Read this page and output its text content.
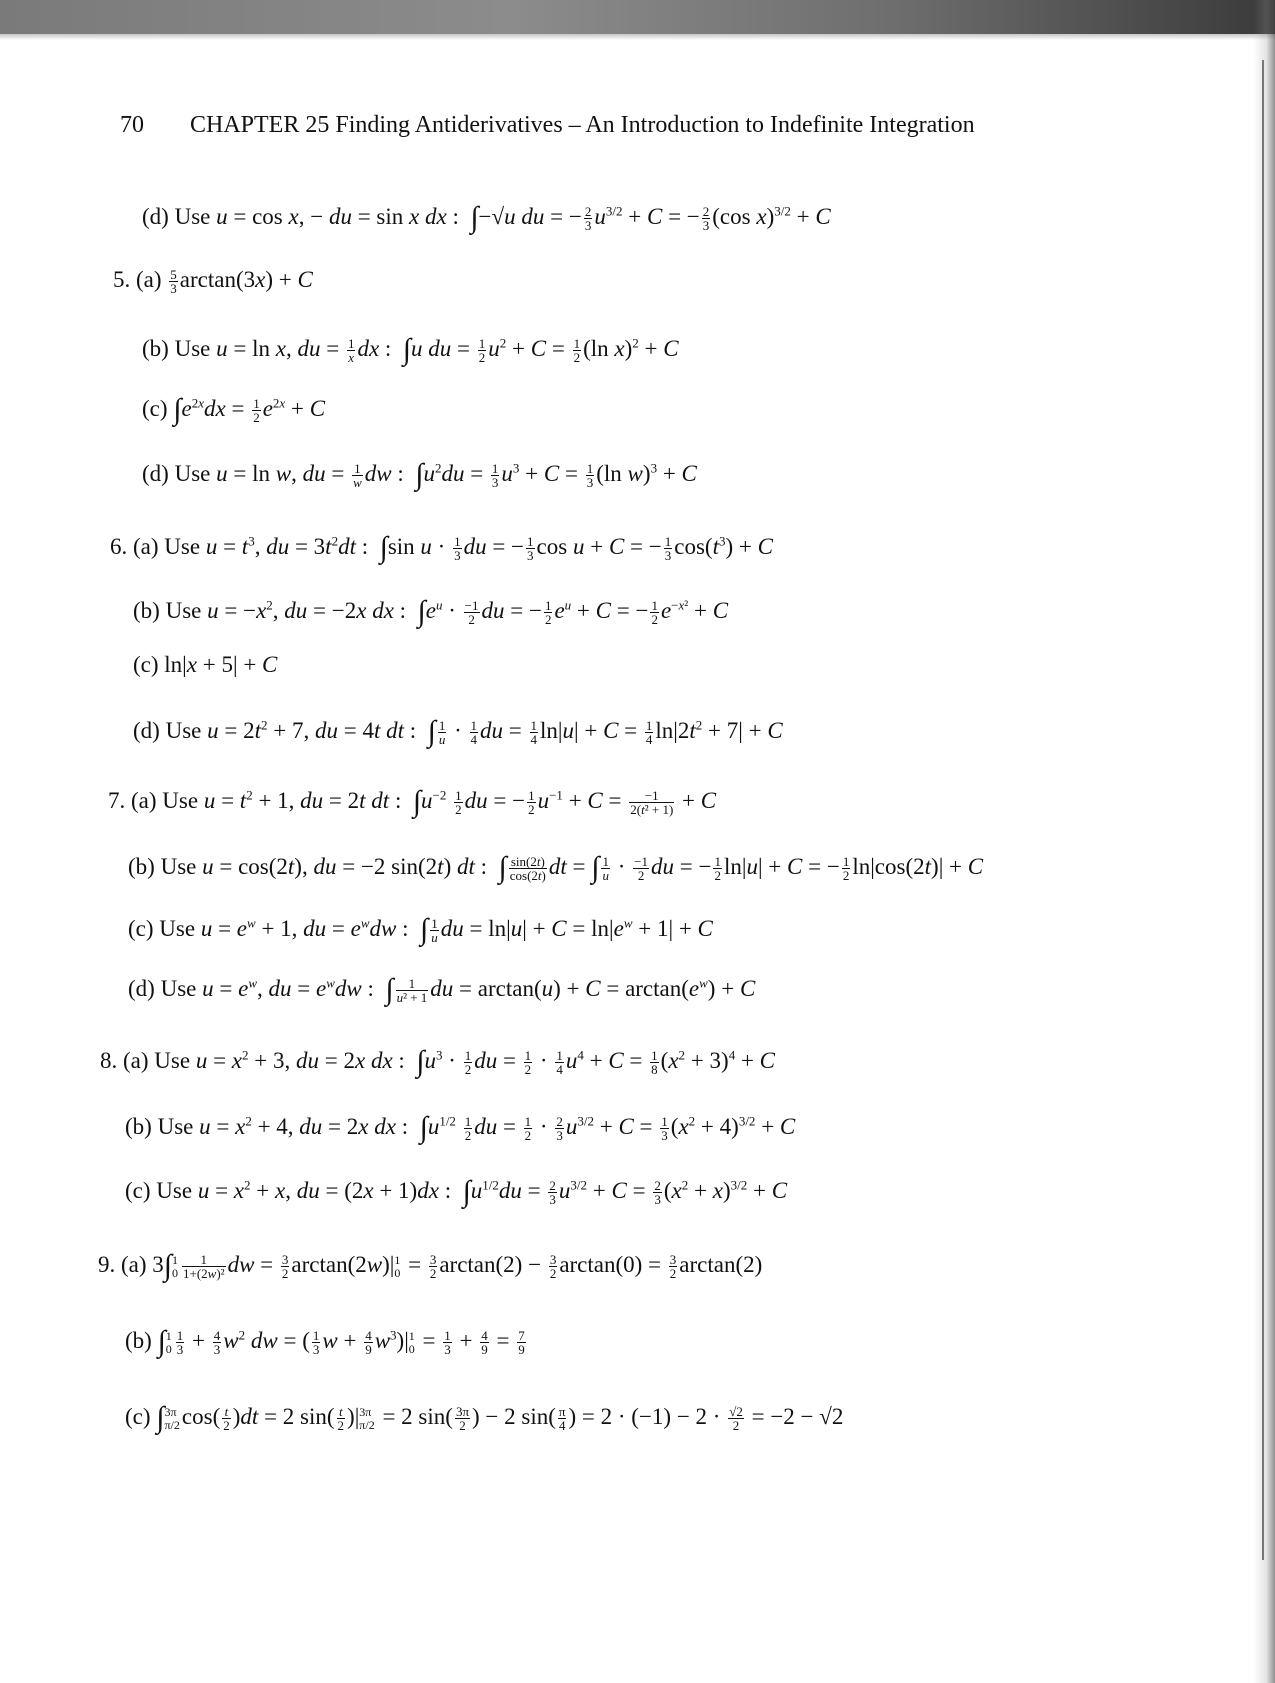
70 CHAPTER 25 Finding Antiderivatives – An Introduction to Indefinite Integration
(d) Use u = cos x, − du = sin x dx :  ∫−√u du = − $\frac{2}{3} u^{3/2} + C$ = − $\frac{2}{3} (\cos$ x)$^{3/2}$ + C
5. $(a) \frac{5}{3} \arctan(3x) + C$
(b) Use u = ln x, du = $\frac{1}{x}$ dx :  ∫u du = $\frac{1}{2} u^2 + C = \frac{1}{2} (\ln$ x)$^2$ + C
(c) $\int e^{2x}dx = \frac{1}{2} e^{2x} + C$
(d) Use u = ln w, du = $\frac{1}{w}$ dw :  $\int u^2du = \frac{1}{3} u^3 + C = \frac{1}{3} (\ln$ w)$^3$ + C
6. (a) Use $u = t^3$, du = $3t^2dt$ :  ∫sin $u \cdot \frac{1}{3}$ du = − $\frac{1}{3}$ cos u + C = − $\frac{1}{3} \cos(t^3) + C$
(b) Use $u = -x^2$, du = −2x dx :  $\int e^u \cdot \frac{-1}{2}$ du = − $\frac{1}{2} e^u + C$ = − $\frac{1}{2} e^{-x^2} + C$
(c) ln|x + 5| + C
(d) Use $u = 2t^2 + 7$, du = 4t dt :  ∫ $\frac{1}{u} \cdot \frac{1}{4}$ du = $\frac{1}{4} \ln|u| + C = \frac{1}{4} \ln|2t^2 + 7| + C$
7. (a) Use $u = t^2 + 1$, du = 2t dt :  $\int u^{-2} \frac{1}{2}$ du = − $\frac{1}{2} u^{-1} + C = \frac{-1}{\text{2(t² + 1)}} + C$
(b) Use u = cos(2t), du = −2 sin(2t) dt :  ∫ $\frac{\sin(2t)}{\cos(2t)}$ dt = ∫ $\frac{1}{u} \cdot \frac{-1}{2}$ du = − $\frac{1}{2} \ln|u| + C$ = − $\frac{1}{2} \ln|\cos(2t)| + C$
(c) Use $u = e^w + 1$, du = $e^wdw$ :  ∫ $\frac{1}{u}$ du = $\ln|u| + C = \ln|e^w + 1| + C$
(d) Use $u = e^w$, du = $e^wdw$ :  ∫ $\frac{1}{\text{u² + 1}}$ du = $\arctan(u) + C = \arctan(e^w) + C$
8. (a) Use $u = x^2 + 3$, du = 2x dx :  $\int u^3 \cdot \frac{1}{2}$ du = $\frac{1}{2} \cdot \frac{1}{4} u^4 + C = \frac{1}{8} (x^2 + 3)^4 + C$
(b) Use $u = x^2 + 4$, du = 2x dx :  $\int u^{1/2} \frac{1}{2}$ du = $\frac{1}{2} \cdot \frac{2}{3} u^{3/2} + C = \frac{1}{3} (x^2 + 4)^{3/2} + C$
(c) Use $u = x^2 + x$, du = (2x + 1)dx :  $\int u^{1/2}du = \frac{2}{3} u^{3/2} + C = \frac{2}{3} (x^2 + x)^{3/2} + C$
9. (a) 3∫ 1
$0 \frac{1}{\text{1+(2w)²}}$ dw = $\frac{3}{2} \arctan(2w)|$ 1
$0 = \frac{3}{2} \arctan(2) - \frac{3}{2} \arctan(0) = \frac{3}{2} \arctan(2)$
(b) ∫ 1
$0 \frac{1}{3} + \frac{4}{3} w^2$ dw = ( $\frac{1}{3}$ $w + \frac{4}{9} w^3)|$ 1
$0 = \frac{1}{3} + \frac{4}{9} = \frac{7}{9}$
(c) ∫ 3π
π/2 $\cos( \frac{t}{2} )dt = 2$ $\sin( \frac{t}{2}$ )| 3π
π/2 = 2 $\sin( \frac{3\pi}{2}$ ) − 2 $\sin( \frac{\pi}{4}$ ) = $2 \cdot (-1) - 2 \cdot \frac{√2}{2} = -2 - √2$
